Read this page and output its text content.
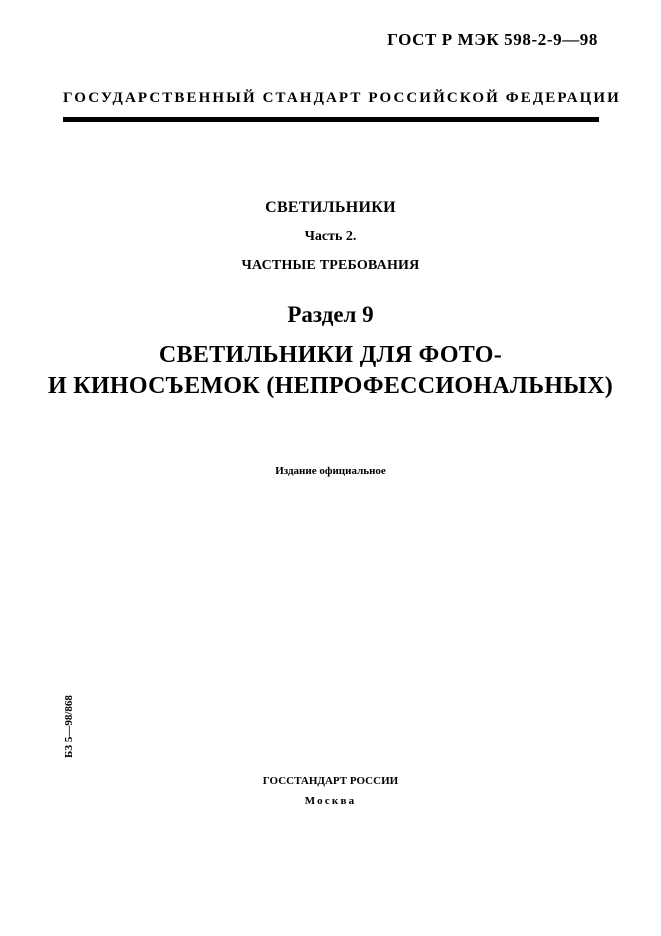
ГОСТ Р МЭК 598-2-9—98
ГОСУДАРСТВЕННЫЙ СТАНДАРТ РОССИЙСКОЙ ФЕДЕРАЦИИ
СВЕТИЛЬНИКИ
Часть 2.
ЧАСТНЫЕ ТРЕБОВАНИЯ
Раздел 9
СВЕТИЛЬНИКИ ДЛЯ ФОТО-
И КИНОСЪЕМОК (НЕПРОФЕССИОНАЛЬНЫХ)
Издание официальное
БЗ 5—98/868
ГОССТАНДАРТ РОССИИ
Москва
